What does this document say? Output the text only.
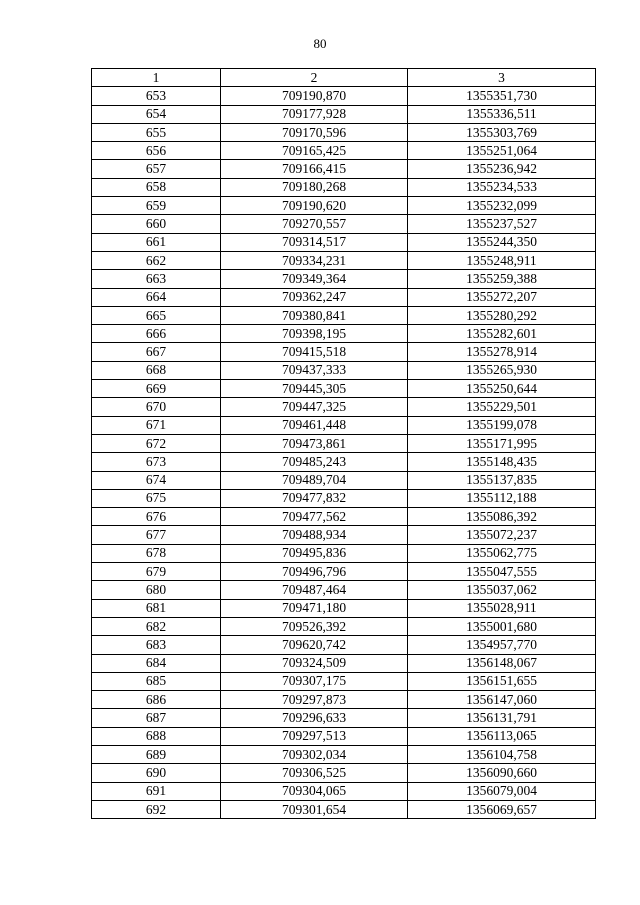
80
1	2	3
653	709190,870	1355351,730
654	709177,928	1355336,511
655	709170,596	1355303,769
656	709165,425	1355251,064
657	709166,415	1355236,942
658	709180,268	1355234,533
659	709190,620	1355232,099
660	709270,557	1355237,527
661	709314,517	1355244,350
662	709334,231	1355248,911
663	709349,364	1355259,388
664	709362,247	1355272,207
665	709380,841	1355280,292
666	709398,195	1355282,601
667	709415,518	1355278,914
668	709437,333	1355265,930
669	709445,305	1355250,644
670	709447,325	1355229,501
671	709461,448	1355199,078
672	709473,861	1355171,995
673	709485,243	1355148,435
674	709489,704	1355137,835
675	709477,832	1355112,188
676	709477,562	1355086,392
677	709488,934	1355072,237
678	709495,836	1355062,775
679	709496,796	1355047,555
680	709487,464	1355037,062
681	709471,180	1355028,911
682	709526,392	1355001,680
683	709620,742	1354957,770
684	709324,509	1356148,067
685	709307,175	1356151,655
686	709297,873	1356147,060
687	709296,633	1356131,791
688	709297,513	1356113,065
689	709302,034	1356104,758
690	709306,525	1356090,660
691	709304,065	1356079,004
692	709301,654	1356069,657
